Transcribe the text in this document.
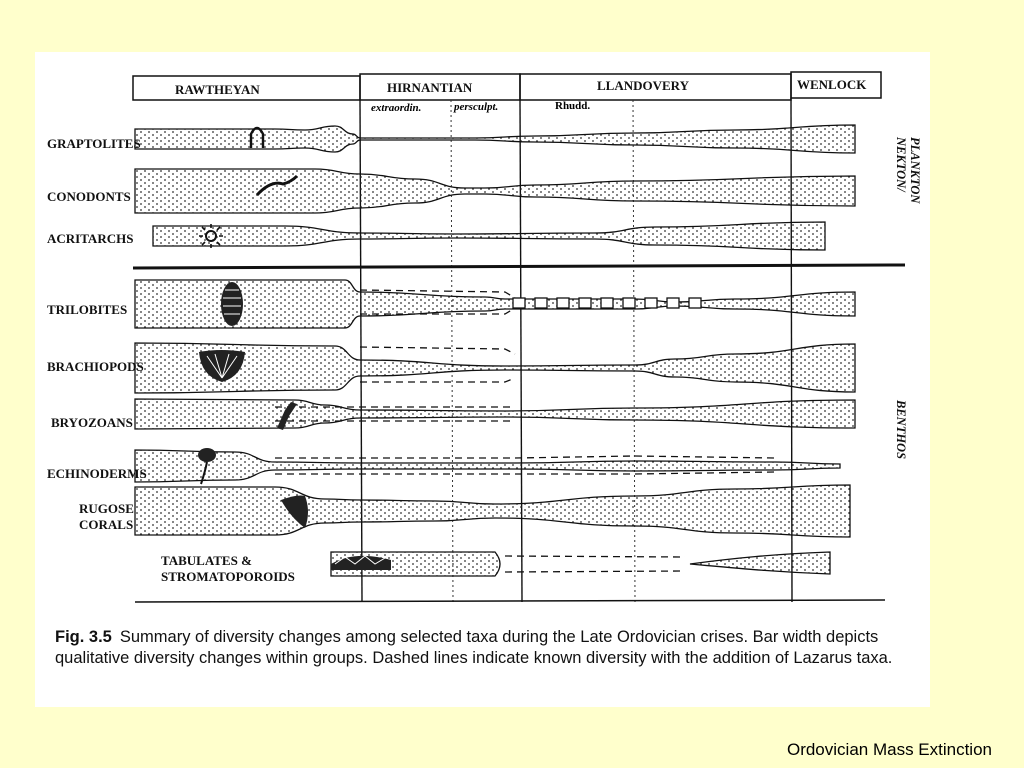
RAWTHEYAN	HIRNANTIAN	LLANDOVERY	WENLOCK
extraordin.	persculpt.	Rhudd.
GRAPTOLITES
CONODONTS
ACRITARCHS
TRILOBITES
BRACHIOPODS
BRYOZOANS
ECHINODERMS
RUGOSE
CORALS
TABULATES &
STROMATOPOROIDS
NEKTON/ PLANKTON
BENTHOS
Fig. 3.5 Summary of diversity changes among selected taxa during the Late Ordovician crises. Bar width depicts qualitative diversity changes within groups. Dashed lines indicate known diversity with the addition of Lazarus taxa.
Ordovician Mass Extinction
